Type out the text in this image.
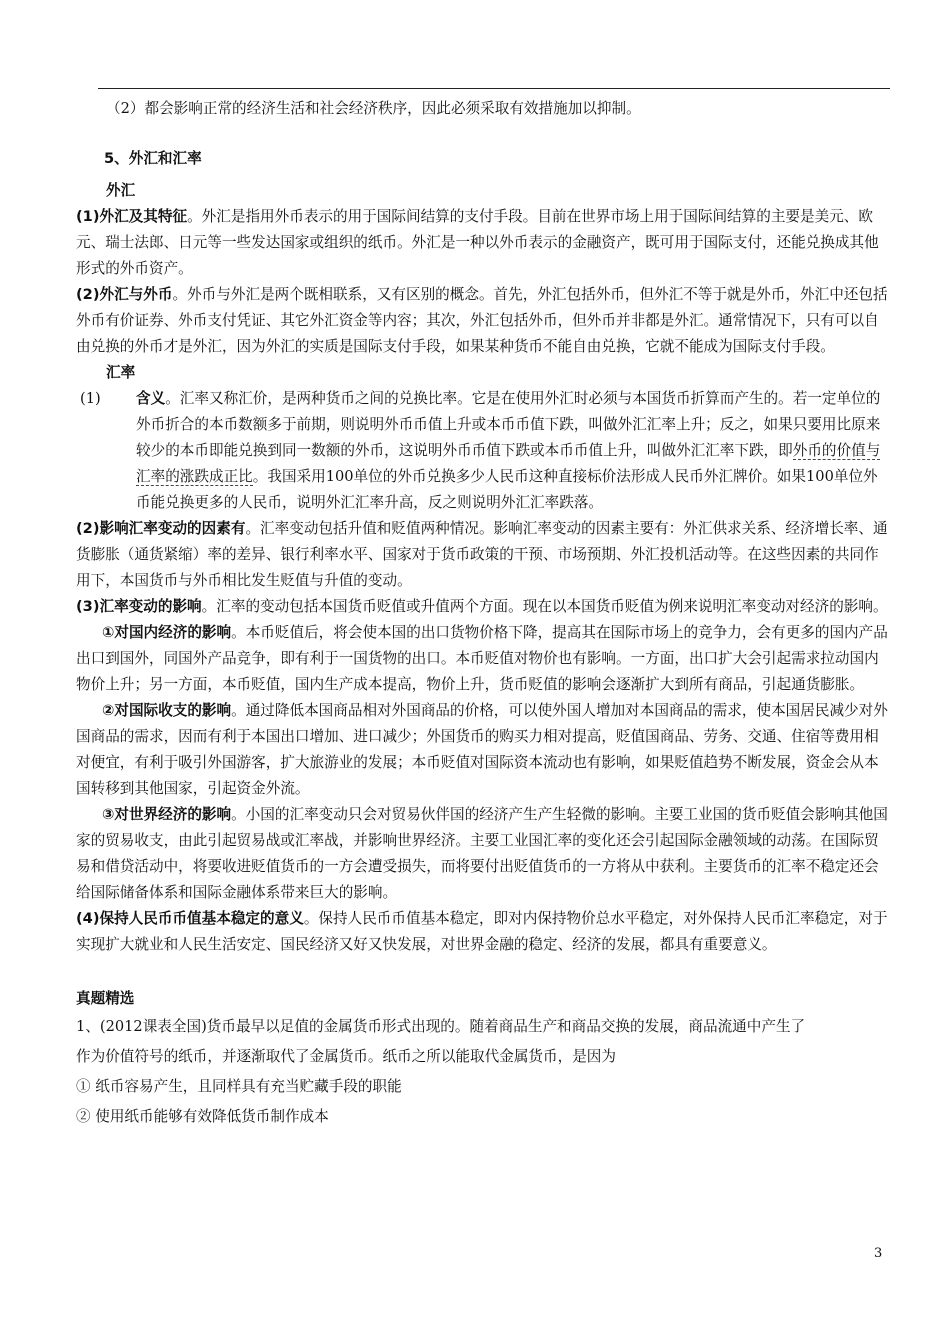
（2）都会影响正常的经济生活和社会经济秩序，因此必须采取有效措施加以抑制。

5、外汇和汇率

外汇

(1)外汇及其特征。外汇是指用外币表示的用于国际间结算的支付手段。目前在世界市场上用于国际间结算的主要是美元、欧元、瑞士法郎、日元等一些发达国家或组织的纸币。外汇是一种以外币表示的金融资产，既可用于国际支付，还能兑换成其他形式的外币资产。

(2)外汇与外币。外币与外汇是两个既相联系，又有区别的概念。首先，外汇包括外币，但外汇不等于就是外币，外汇中还包括外币有价证券、外币支付凭证、其它外汇资金等内容；其次，外汇包括外币，但外币并非都是外汇。通常情况下，只有可以自由兑换的外币才是外汇，因为外汇的实质是国际支付手段，如果某种货币不能自由兑换，它就不能成为国际支付手段。

汇率

(1)	含义。汇率又称汇价，是两种货币之间的兑换比率。它是在使用外汇时必须与本国货币折算而产生的。若一定单位的外币折合的本币数额多于前期，则说明外币币值上升或本币币值下跌，叫做外汇汇率上升；反之，如果只要用比原来较少的本币即能兑换到同一数额的外币，这说明外币币值下跌或本币币值上升，叫做外汇汇率下跌，即外币的价值与汇率的涨跌成正比。我国采用100单位的外币兑换多少人民币这种直接标价法形成人民币外汇牌价。如果100单位外币能兑换更多的人民币，说明外汇汇率升高，反之则说明外汇汇率跌落。

(2)影响汇率变动的因素有。汇率变动包括升值和贬值两种情况。影响汇率变动的因素主要有：外汇供求关系、经济增长率、通货膨胀（通货紧缩）率的差异、银行利率水平、国家对于货币政策的干预、市场预期、外汇投机活动等。在这些因素的共同作用下，本国货币与外币相比发生贬值与升值的变动。

(3)汇率变动的影响。汇率的变动包括本国货币贬值或升值两个方面。现在以本国货币贬值为例来说明汇率变动对经济的影响。

①对国内经济的影响。本币贬值后，将会使本国的出口货物价格下降，提高其在国际市场上的竞争力，会有更多的国内产品出口到国外，同国外产品竞争，即有利于一国货物的出口。本币贬值对物价也有影响。一方面，出口扩大会引起需求拉动国内物价上升；另一方面，本币贬值，国内生产成本提高，物价上升，货币贬值的影响会逐渐扩大到所有商品，引起通货膨胀。

②对国际收支的影响。通过降低本国商品相对外国商品的价格，可以使外国人增加对本国商品的需求，使本国居民减少对外国商品的需求，因而有利于本国出口增加、进口减少；外国货币的购买力相对提高，贬值国商品、劳务、交通、住宿等费用相对便宜，有利于吸引外国游客，扩大旅游业的发展；本币贬值对国际资本流动也有影响，如果贬值趋势不断发展，资金会从本国转移到其他国家，引起资金外流。

③对世界经济的影响。小国的汇率变动只会对贸易伙伴国的经济产生产生轻微的影响。主要工业国的货币贬值会影响其他国家的贸易收支，由此引起贸易战或汇率战，并影响世界经济。主要工业国汇率的变化还会引起国际金融领域的动荡。在国际贸易和借贷活动中，将要收进贬值货币的一方会遭受损失，而将要付出贬值货币的一方将从中获利。主要货币的汇率不稳定还会给国际储备体系和国际金融体系带来巨大的影响。

(4)保持人民币币值基本稳定的意义。保持人民币币值基本稳定，即对内保持物价总水平稳定，对外保持人民币汇率稳定，对于实现扩大就业和人民生活安定、国民经济又好又快发展，对世界金融的稳定、经济的发展，都具有重要意义。

真题精选

1、(2012课表全国)货币最早以足值的金属货币形式出现的。随着商品生产和商品交换的发展，商品流通中产生了

作为价值符号的纸币，并逐渐取代了金属货币。纸币之所以能取代金属货币，是因为

① 纸币容易产生，且同样具有充当贮藏手段的职能

② 使用纸币能够有效降低货币制作成本

3
